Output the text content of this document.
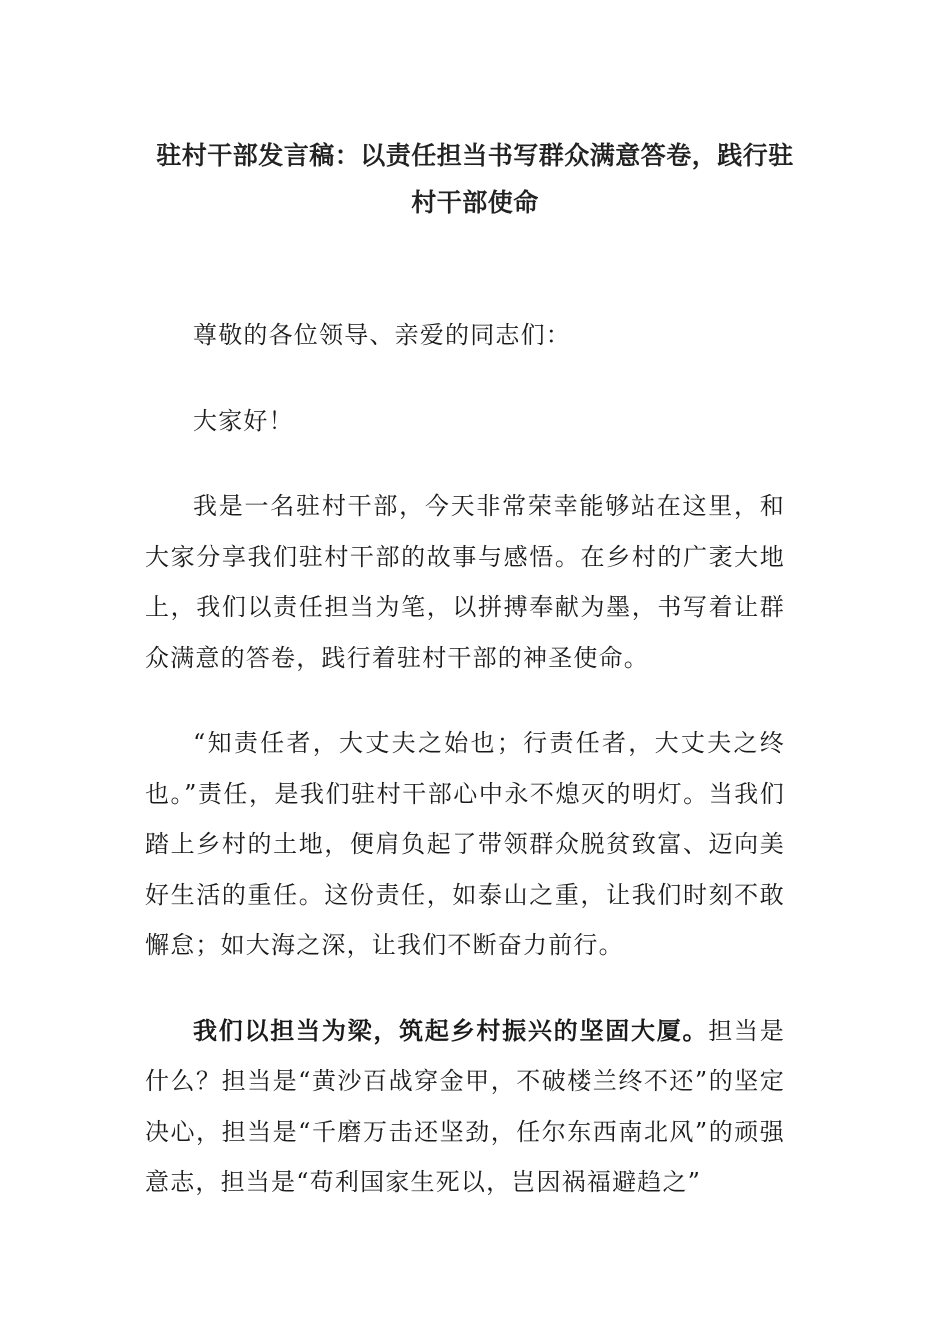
驻村干部发言稿：以责任担当书写群众满意答卷，践行驻村干部使命

尊敬的各位领导、亲爱的同志们：

大家好！

我是一名驻村干部，今天非常荣幸能够站在这里，和大家分享我们驻村干部的故事与感悟。在乡村的广袤大地上，我们以责任担当为笔，以拼搏奉献为墨，书写着让群众满意的答卷，践行着驻村干部的神圣使命。

“知责任者，大丈夫之始也；行责任者，大丈夫之终也。”责任，是我们驻村干部心中永不熄灭的明灯。当我们踏上乡村的土地，便肩负起了带领群众脱贫致富、迈向美好生活的重任。这份责任，如泰山之重，让我们时刻不敢懈怠；如大海之深，让我们不断奋力前行。

我们以担当为梁，筑起乡村振兴的坚固大厦。担当是什么？担当是“黄沙百战穿金甲，不破楼兰终不还”的坚定决心，担当是“千磨万击还坚劲，任尔东西南北风”的顽强意志，担当是“苟利国家生死以，岂因祸福避趋之”
